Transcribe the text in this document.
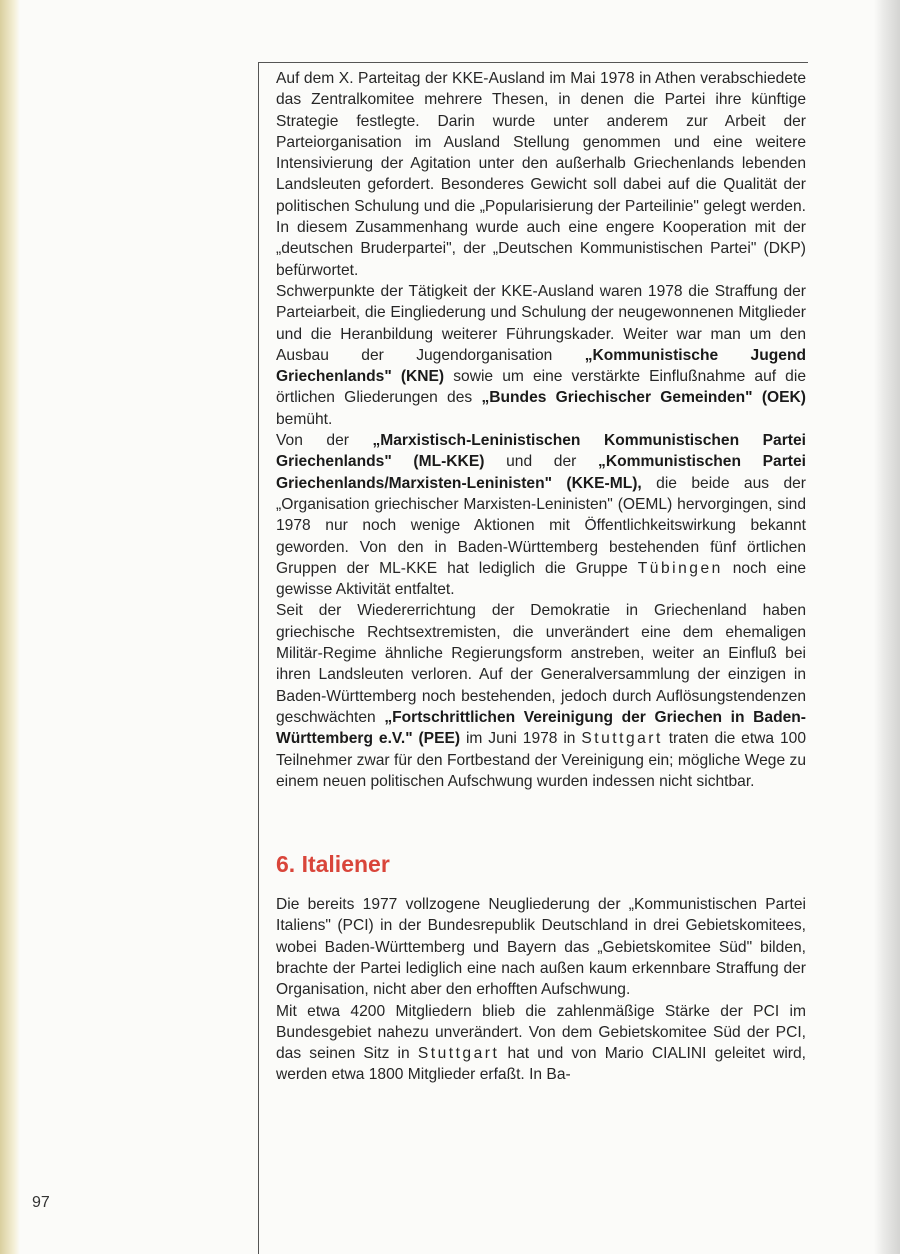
Auf dem X. Parteitag der KKE-Ausland im Mai 1978 in Athen verabschiedete das Zentralkomitee mehrere Thesen, in denen die Partei ihre künftige Strategie festlegte. Darin wurde unter anderem zur Arbeit der Parteiorganisation im Ausland Stellung genommen und eine weitere Intensivierung der Agitation unter den außerhalb Griechenlands lebenden Landsleuten gefordert. Besonderes Gewicht soll dabei auf die Qualität der politischen Schulung und die „Popularisierung der Parteilinie" gelegt werden. In diesem Zusammenhang wurde auch eine engere Kooperation mit der „deutschen Bruderpartei", der „Deutschen Kommunistischen Partei" (DKP) befürwortet.

Schwerpunkte der Tätigkeit der KKE-Ausland waren 1978 die Straffung der Parteiarbeit, die Eingliederung und Schulung der neugewonnenen Mitglieder und die Heranbildung weiterer Führungskader. Weiter war man um den Ausbau der Jugendorganisation „Kommunistische Jugend Griechenlands" (KNE) sowie um eine verstärkte Einflußnahme auf die örtlichen Gliederungen des „Bundes Griechischer Gemeinden" (OEK) bemüht.

Von der „Marxistisch-Leninistischen Kommunistischen Partei Griechenlands" (ML-KKE) und der „Kommunistischen Partei Griechenlands/Marxisten-Leninisten" (KKE-ML), die beide aus der „Organisation griechischer Marxisten-Leninisten" (OEML) hervorgingen, sind 1978 nur noch wenige Aktionen mit Öffentlichkeitswirkung bekannt geworden. Von den in Baden-Württemberg bestehenden fünf örtlichen Gruppen der ML-KKE hat lediglich die Gruppe Tübingen noch eine gewisse Aktivität entfaltet.

Seit der Wiedererrichtung der Demokratie in Griechenland haben griechische Rechtsextremisten, die unverändert eine dem ehemaligen Militär-Regime ähnliche Regierungsform anstreben, weiter an Einfluß bei ihren Landsleuten verloren. Auf der Generalversammlung der einzigen in Baden-Württemberg noch bestehenden, jedoch durch Auflösungstendenzen geschwächten „Fortschrittlichen Vereinigung der Griechen in Baden-Württemberg e.V." (PEE) im Juni 1978 in Stuttgart traten die etwa 100 Teilnehmer zwar für den Fortbestand der Vereinigung ein; mögliche Wege zu einem neuen politischen Aufschwung wurden indessen nicht sichtbar.

6. Italiener

Die bereits 1977 vollzogene Neugliederung der „Kommunistischen Partei Italiens" (PCI) in der Bundesrepublik Deutschland in drei Gebietskomitees, wobei Baden-Württemberg und Bayern das „Gebietskomitee Süd" bilden, brachte der Partei lediglich eine nach außen kaum erkennbare Straffung der Organisation, nicht aber den erhofften Aufschwung.

Mit etwa 4200 Mitgliedern blieb die zahlenmäßige Stärke der PCI im Bundesgebiet nahezu unverändert. Von dem Gebietskomitee Süd der PCI, das seinen Sitz in Stuttgart hat und von Mario CIALINI geleitet wird, werden etwa 1800 Mitglieder erfaßt. In Ba-

97
